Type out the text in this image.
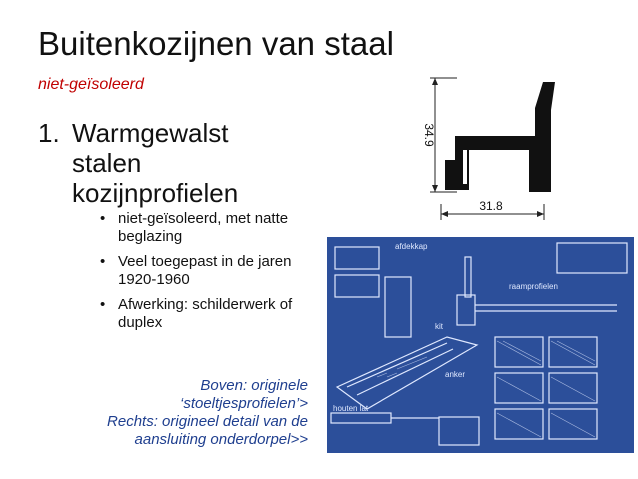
Buitenkozijnen van staal
niet-geïsoleerd
1. Warmgewalst
stalen
kozijnprofielen
• niet-geïsoleerd, met natte beglazing
• Veel toegepast in de jaren 1920-1960
• Afwerking: schilderwerk of duplex
Boven: originele
‘stoeltjesprofielen’>
Rechts: origineel detail van de
aansluiting onderdorpel>>
34.9
31.8
afdekkap
raamprofielen
kit
anker
houten lat
